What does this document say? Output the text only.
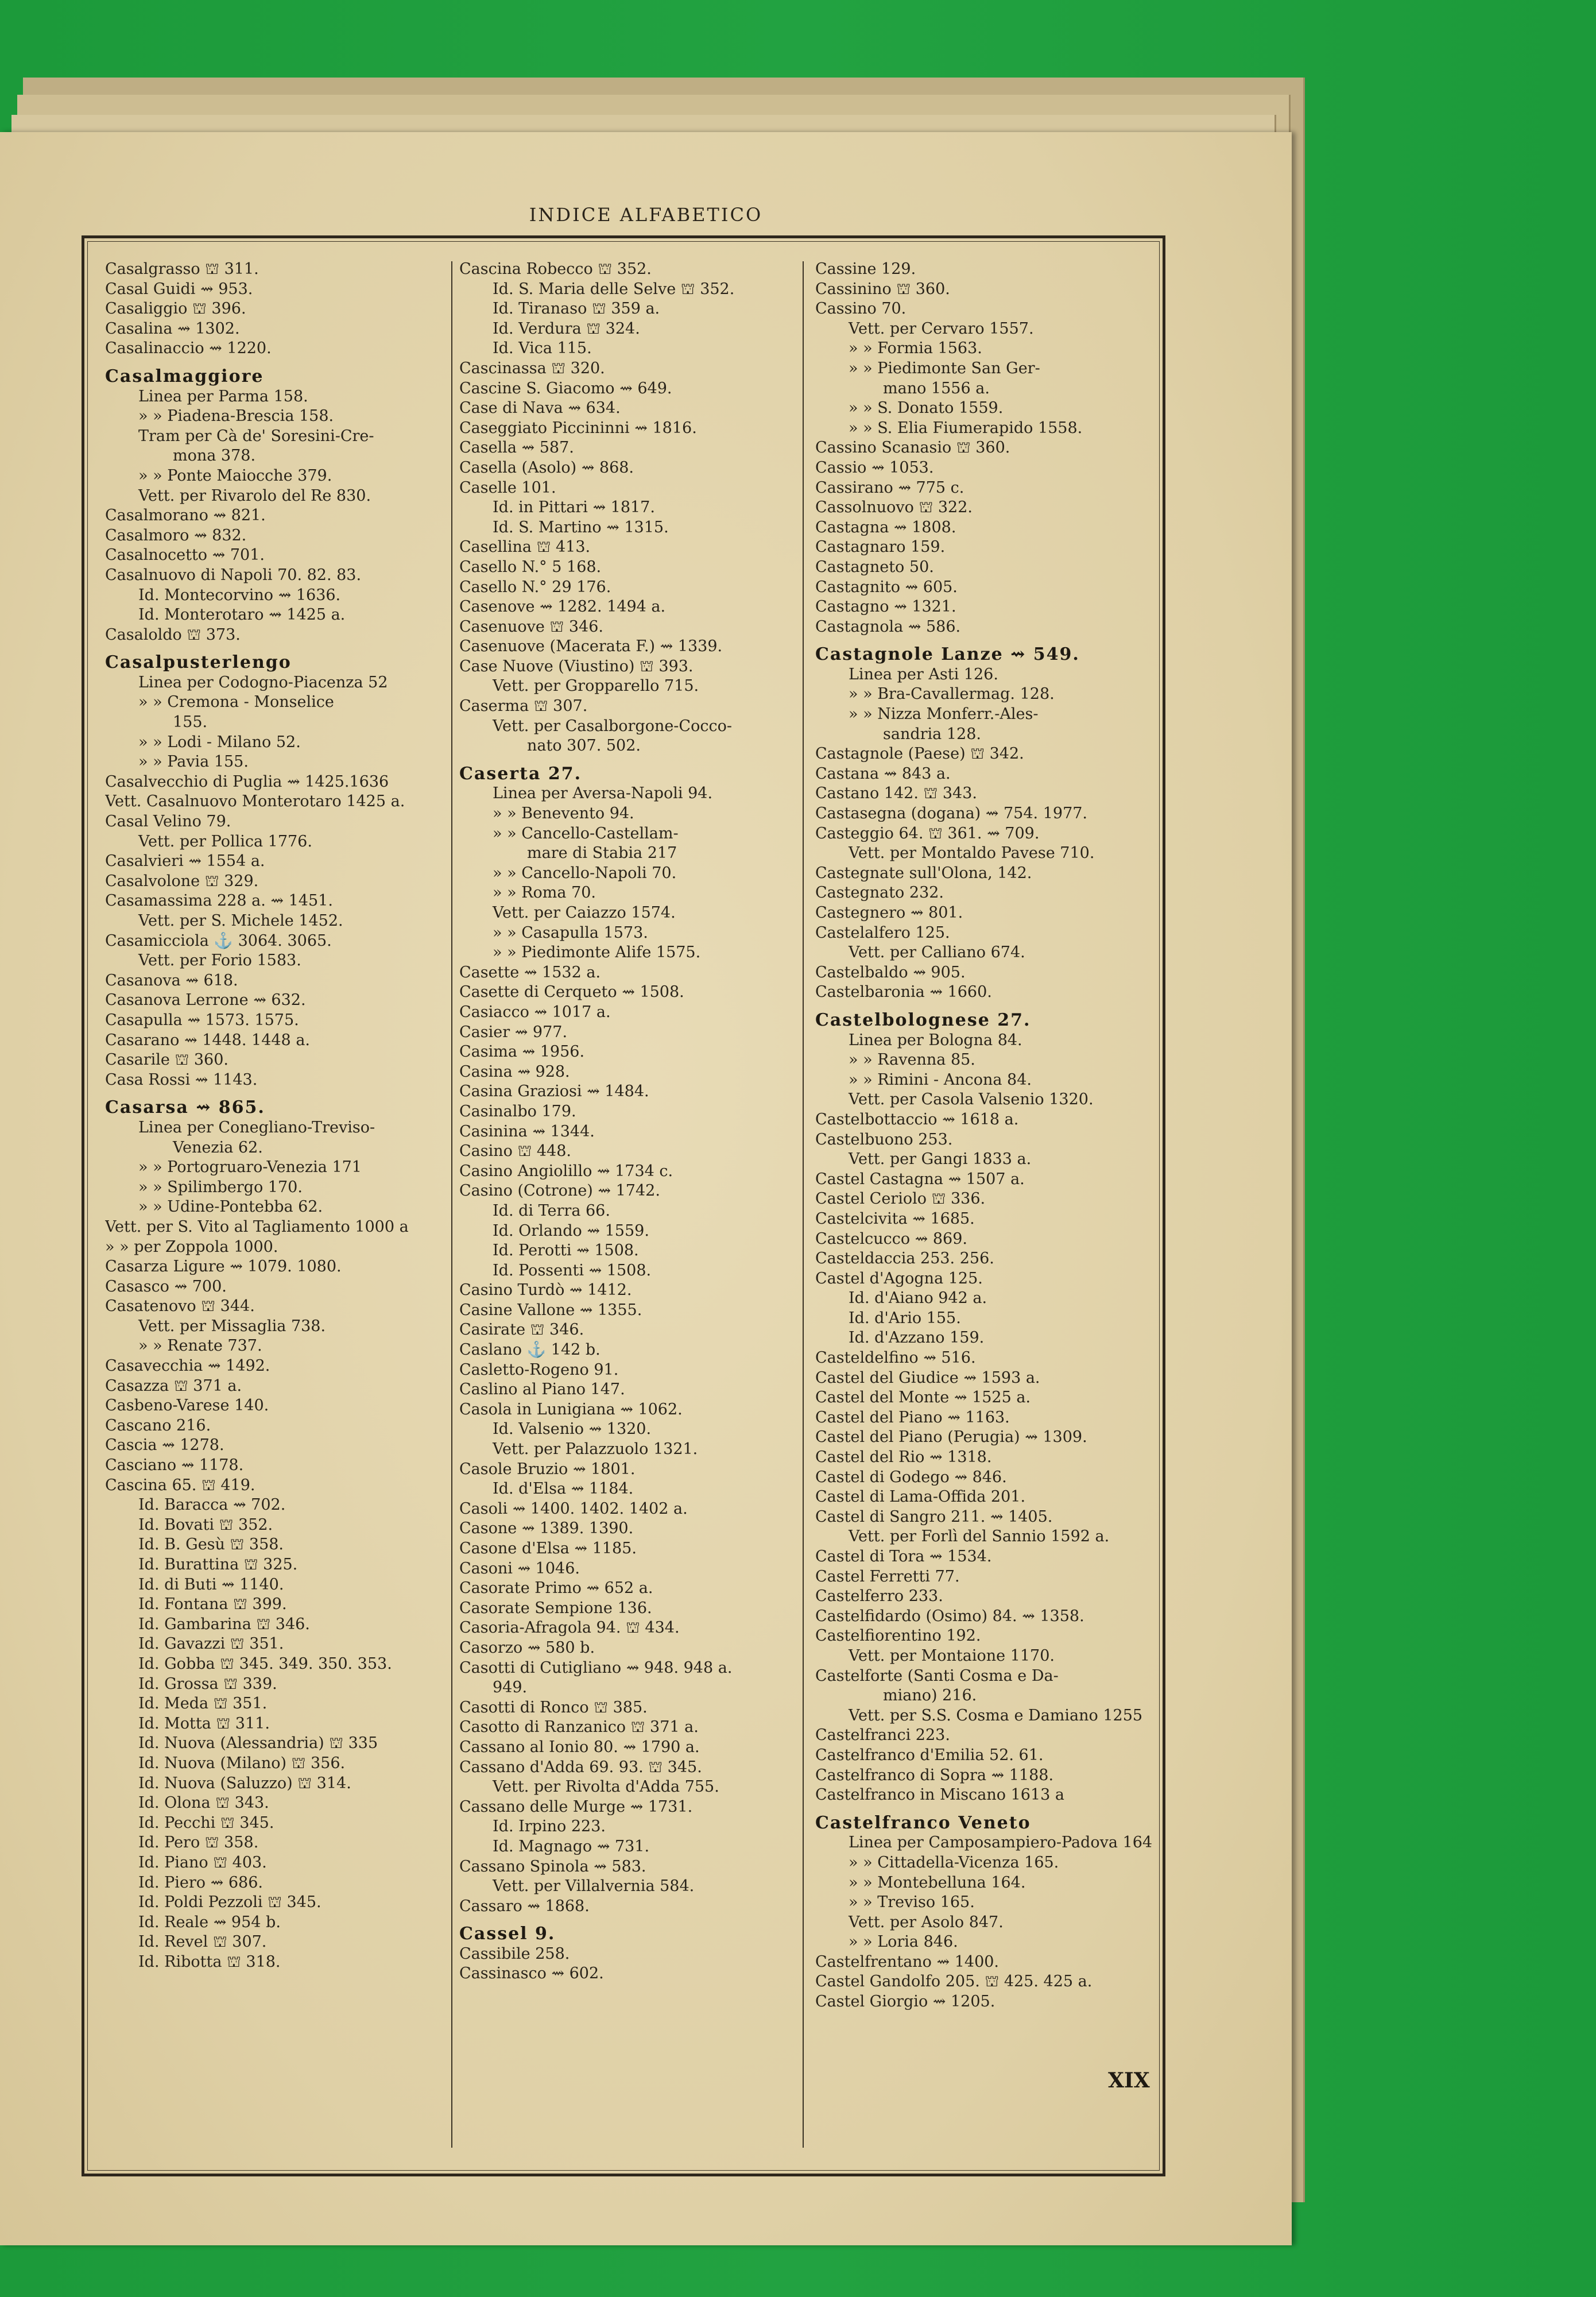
INDICE ALFABETICO
Casalgrasso ⛫ 311.
Casal Guidi ⇝ 953.
Casaliggio ⛫ 396.
Casalina ⇝ 1302.
Casalinaccio ⇝ 1220.
Casalmaggiore
Linea per Parma 158.
» » Piadena-Brescia 158.
Tram per Cà de' Soresini-Cre-
mona 378.
» » Ponte Maiocche 379.
Vett. per Rivarolo del Re 830.
Casalmorano ⇝ 821.
Casalmoro ⇝ 832.
Casalnocetto ⇝ 701.
Casalnuovo di Napoli 70. 82. 83.
Id. Montecorvino ⇝ 1636.
Id. Monterotaro ⇝ 1425 a.
Casaloldo ⛫ 373.
Casalpusterlengo
Linea per Codogno-Piacenza 52
» » Cremona - Monselice
155.
» » Lodi - Milano 52.
» » Pavia 155.
Casalvecchio di Puglia ⇝ 1425.1636
Vett. Casalnuovo Monterotaro 1425 a.
Casal Velino 79.
Vett. per Pollica 1776.
Casalvieri ⇝ 1554 a.
Casalvolone ⛫ 329.
Casamassima 228 a. ⇝ 1451.
Vett. per S. Michele 1452.
Casamicciola ⚓ 3064. 3065.
Vett. per Forio 1583.
Casanova ⇝ 618.
Casanova Lerrone ⇝ 632.
Casapulla ⇝ 1573. 1575.
Casarano ⇝ 1448. 1448 a.
Casarile ⛫ 360.
Casa Rossi ⇝ 1143.
Casarsa ⇝ 865.
Linea per Conegliano-Treviso-
Venezia 62.
» » Portogruaro-Venezia 171
» » Spilimbergo 170.
» » Udine-Pontebba 62.
Vett. per S. Vito al Tagliamento 1000 a
» » per Zoppola 1000.
Casarza Ligure ⇝ 1079. 1080.
Casasco ⇝ 700.
Casatenovo ⛫ 344.
Vett. per Missaglia 738.
» » Renate 737.
Casavecchia ⇝ 1492.
Casazza ⛫ 371 a.
Casbeno-Varese 140.
Cascano 216.
Cascia ⇝ 1278.
Casciano ⇝ 1178.
Cascina 65. ⛫ 419.
Id. Baracca ⇝ 702.
Id. Bovati ⛫ 352.
Id. B. Gesù ⛫ 358.
Id. Burattina ⛫ 325.
Id. di Buti ⇝ 1140.
Id. Fontana ⛫ 399.
Id. Gambarina ⛫ 346.
Id. Gavazzi ⛫ 351.
Id. Gobba ⛫ 345. 349. 350. 353.
Id. Grossa ⛫ 339.
Id. Meda ⛫ 351.
Id. Motta ⛫ 311.
Id. Nuova (Alessandria) ⛫ 335
Id. Nuova (Milano) ⛫ 356.
Id. Nuova (Saluzzo) ⛫ 314.
Id. Olona ⛫ 343.
Id. Pecchi ⛫ 345.
Id. Pero ⛫ 358.
Id. Piano ⛫ 403.
Id. Piero ⇝ 686.
Id. Poldi Pezzoli ⛫ 345.
Id. Reale ⇝ 954 b.
Id. Revel ⛫ 307.
Id. Ribotta ⛫ 318.
Cascina Robecco ⛫ 352.
Id. S. Maria delle Selve ⛫ 352.
Id. Tiranaso ⛫ 359 a.
Id. Verdura ⛫ 324.
Id. Vica 115.
Cascinassa ⛫ 320.
Cascine S. Giacomo ⇝ 649.
Case di Nava ⇝ 634.
Caseggiato Piccininni ⇝ 1816.
Casella ⇝ 587.
Casella (Asolo) ⇝ 868.
Caselle 101.
Id. in Pittari ⇝ 1817.
Id. S. Martino ⇝ 1315.
Casellina ⛫ 413.
Casello N.° 5 168.
Casello N.° 29 176.
Casenove ⇝ 1282. 1494 a.
Casenuove ⛫ 346.
Casenuove (Macerata F.) ⇝ 1339.
Case Nuove (Viustino) ⛫ 393.
Vett. per Gropparello 715.
Caserma ⛫ 307.
Vett. per Casalborgone-Cocco-
nato 307. 502.
Caserta 27.
Linea per Aversa-Napoli 94.
» » Benevento 94.
» » Cancello-Castellam-
mare di Stabia 217
» » Cancello-Napoli 70.
» » Roma 70.
Vett. per Caiazzo 1574.
» » Casapulla 1573.
» » Piedimonte Alife 1575.
Casette ⇝ 1532 a.
Casette di Cerqueto ⇝ 1508.
Casiacco ⇝ 1017 a.
Casier ⇝ 977.
Casima ⇝ 1956.
Casina ⇝ 928.
Casina Graziosi ⇝ 1484.
Casinalbo 179.
Casinina ⇝ 1344.
Casino ⛫ 448.
Casino Angiolillo ⇝ 1734 c.
Casino (Cotrone) ⇝ 1742.
Id. di Terra 66.
Id. Orlando ⇝ 1559.
Id. Perotti ⇝ 1508.
Id. Possenti ⇝ 1508.
Casino Turdò ⇝ 1412.
Casine Vallone ⇝ 1355.
Casirate ⛫ 346.
Caslano ⚓ 142 b.
Casletto-Rogeno 91.
Caslino al Piano 147.
Casola in Lunigiana ⇝ 1062.
Id. Valsenio ⇝ 1320.
Vett. per Palazzuolo 1321.
Casole Bruzio ⇝ 1801.
Id. d'Elsa ⇝ 1184.
Casoli ⇝ 1400. 1402. 1402 a.
Casone ⇝ 1389. 1390.
Casone d'Elsa ⇝ 1185.
Casoni ⇝ 1046.
Casorate Primo ⇝ 652 a.
Casorate Sempione 136.
Casoria-Afragola 94. ⛫ 434.
Casorzo ⇝ 580 b.
Casotti di Cutigliano ⇝ 948. 948 a.
949.
Casotti di Ronco ⛫ 385.
Casotto di Ranzanico ⛫ 371 a.
Cassano al Ionio 80. ⇝ 1790 a.
Cassano d'Adda 69. 93. ⛫ 345.
Vett. per Rivolta d'Adda 755.
Cassano delle Murge ⇝ 1731.
Id. Irpino 223.
Id. Magnago ⇝ 731.
Cassano Spinola ⇝ 583.
Vett. per Villalvernia 584.
Cassaro ⇝ 1868.
Cassel 9.
Cassibile 258.
Cassinasco ⇝ 602.
Cassine 129.
Cassinino ⛫ 360.
Cassino 70.
Vett. per Cervaro 1557.
» » Formia 1563.
» » Piedimonte San Ger-
mano 1556 a.
» » S. Donato 1559.
» » S. Elia Fiumerapido 1558.
Cassino Scanasio ⛫ 360.
Cassio ⇝ 1053.
Cassirano ⇝ 775 c.
Cassolnuovo ⛫ 322.
Castagna ⇝ 1808.
Castagnaro 159.
Castagneto 50.
Castagnito ⇝ 605.
Castagno ⇝ 1321.
Castagnola ⇝ 586.
Castagnole Lanze ⇝ 549.
Linea per Asti 126.
» » Bra-Cavallermag. 128.
» » Nizza Monferr.-Ales-
sandria 128.
Castagnole (Paese) ⛫ 342.
Castana ⇝ 843 a.
Castano 142. ⛫ 343.
Castasegna (dogana) ⇝ 754. 1977.
Casteggio 64. ⛫ 361. ⇝ 709.
Vett. per Montaldo Pavese 710.
Castegnate sull'Olona, 142.
Castegnato 232.
Castegnero ⇝ 801.
Castelalfero 125.
Vett. per Calliano 674.
Castelbaldo ⇝ 905.
Castelbaronia ⇝ 1660.
Castelbolognese 27.
Linea per Bologna 84.
» » Ravenna 85.
» » Rimini - Ancona 84.
Vett. per Casola Valsenio 1320.
Castelbottaccio ⇝ 1618 a.
Castelbuono 253.
Vett. per Gangi 1833 a.
Castel Castagna ⇝ 1507 a.
Castel Ceriolo ⛫ 336.
Castelcivita ⇝ 1685.
Castelcucco ⇝ 869.
Casteldaccia 253. 256.
Castel d'Agogna 125.
Id. d'Aiano 942 a.
Id. d'Ario 155.
Id. d'Azzano 159.
Casteldelfino ⇝ 516.
Castel del Giudice ⇝ 1593 a.
Castel del Monte ⇝ 1525 a.
Castel del Piano ⇝ 1163.
Castel del Piano (Perugia) ⇝ 1309.
Castel del Rio ⇝ 1318.
Castel di Godego ⇝ 846.
Castel di Lama-Offida 201.
Castel di Sangro 211. ⇝ 1405.
Vett. per Forlì del Sannio 1592 a.
Castel di Tora ⇝ 1534.
Castel Ferretti 77.
Castelferro 233.
Castelfidardo (Osimo) 84. ⇝ 1358.
Castelfiorentino 192.
Vett. per Montaione 1170.
Castelforte (Santi Cosma e Da-
miano) 216.
Vett. per S.S. Cosma e Damiano 1255
Castelfranci 223.
Castelfranco d'Emilia 52. 61.
Castelfranco di Sopra ⇝ 1188.
Castelfranco in Miscano 1613 a
Castelfranco Veneto
Linea per Camposampiero-Padova 164
» » Cittadella-Vicenza 165.
» » Montebelluna 164.
» » Treviso 165.
Vett. per Asolo 847.
» » Loria 846.
Castelfrentano ⇝ 1400.
Castel Gandolfo 205. ⛫ 425. 425 a.
Castel Giorgio ⇝ 1205.
XIX
